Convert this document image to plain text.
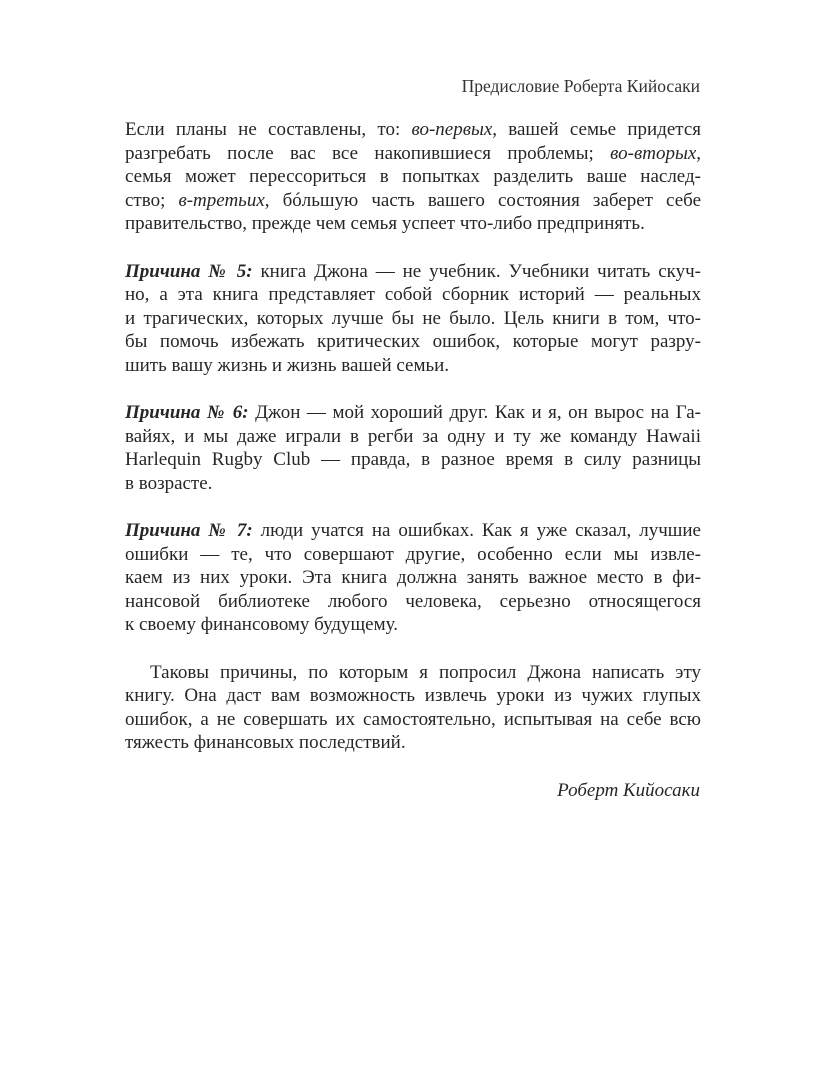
Предисловие Роберта Кийосаки
Если планы не составлены, то: во-первых, вашей семье придется
разгребать после вас все накопившиеся проблемы; во-вторых,
семья может перессориться в попытках разделить ваше наслед-
ство; в-третьих, бóльшую часть вашего состояния заберет себе
правительство, прежде чем семья успеет что-либо предпринять.
Причина № 5: книга Джона — не учебник. Учебники читать скуч-
но, а эта книга представляет собой сборник историй — реальных
и трагических, которых лучше бы не было. Цель книги в том, что-
бы помочь избежать критических ошибок, которые могут разру-
шить вашу жизнь и жизнь вашей семьи.
Причина № 6: Джон — мой хороший друг. Как и я, он вырос на Га-
вайях, и мы даже играли в регби за одну и ту же команду Hawaii
Harlequin Rugby Club — правда, в разное время в силу разницы
в возрасте.
Причина № 7: люди учатся на ошибках. Как я уже сказал, лучшие
ошибки — те, что совершают другие, особенно если мы извле-
каем из них уроки. Эта книга должна занять важное место в фи-
нансовой библиотеке любого человека, серьезно относящегося
к своему финансовому будущему.
Таковы причины, по которым я попросил Джона написать эту
книгу. Она даст вам возможность извлечь уроки из чужих глупых
ошибок, а не совершать их самостоятельно, испытывая на себе всю
тяжесть финансовых последствий.
Роберт Кийосаки
